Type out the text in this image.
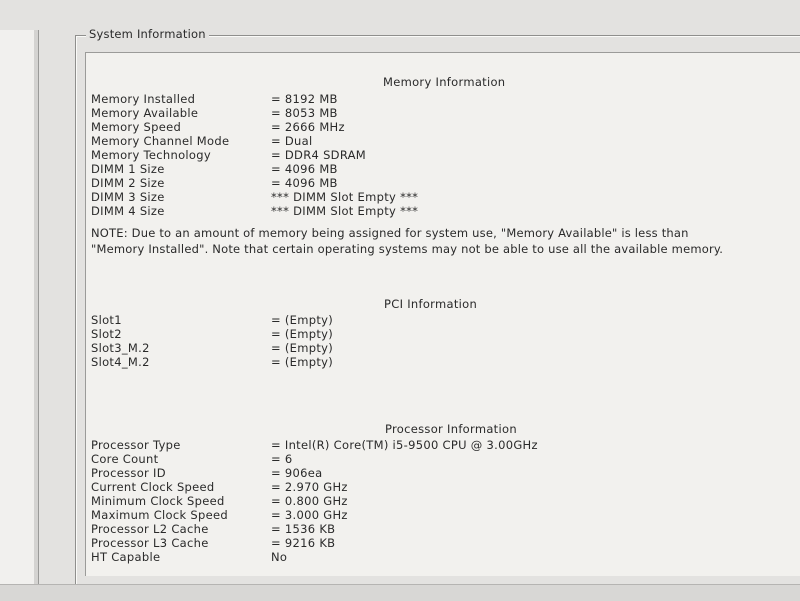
System Information
Memory Information
Memory Installed	= 8192 MB
Memory Available	= 8053 MB
Memory Speed	= 2666 MHz
Memory Channel Mode	= Dual
Memory Technology	= DDR4 SDRAM
DIMM 1 Size	= 4096 MB
DIMM 2 Size	= 4096 MB
DIMM 3 Size	*** DIMM Slot Empty ***
DIMM 4 Size	*** DIMM Slot Empty ***
NOTE: Due to an amount of memory being assigned for system use, "Memory Available" is less than "Memory Installed". Note that certain operating systems may not be able to use all the available memory.
PCI Information
Slot1	= (Empty)
Slot2	= (Empty)
Slot3_M.2	= (Empty)
Slot4_M.2	= (Empty)
Processor Information
Processor Type	= Intel(R) Core(TM) i5-9500 CPU @ 3.00GHz
Core Count	= 6
Processor ID	= 906ea
Current Clock Speed	= 2.970 GHz
Minimum Clock Speed	= 0.800 GHz
Maximum Clock Speed	= 3.000 GHz
Processor L2 Cache	= 1536 KB
Processor L3 Cache	= 9216 KB
HT Capable	No
